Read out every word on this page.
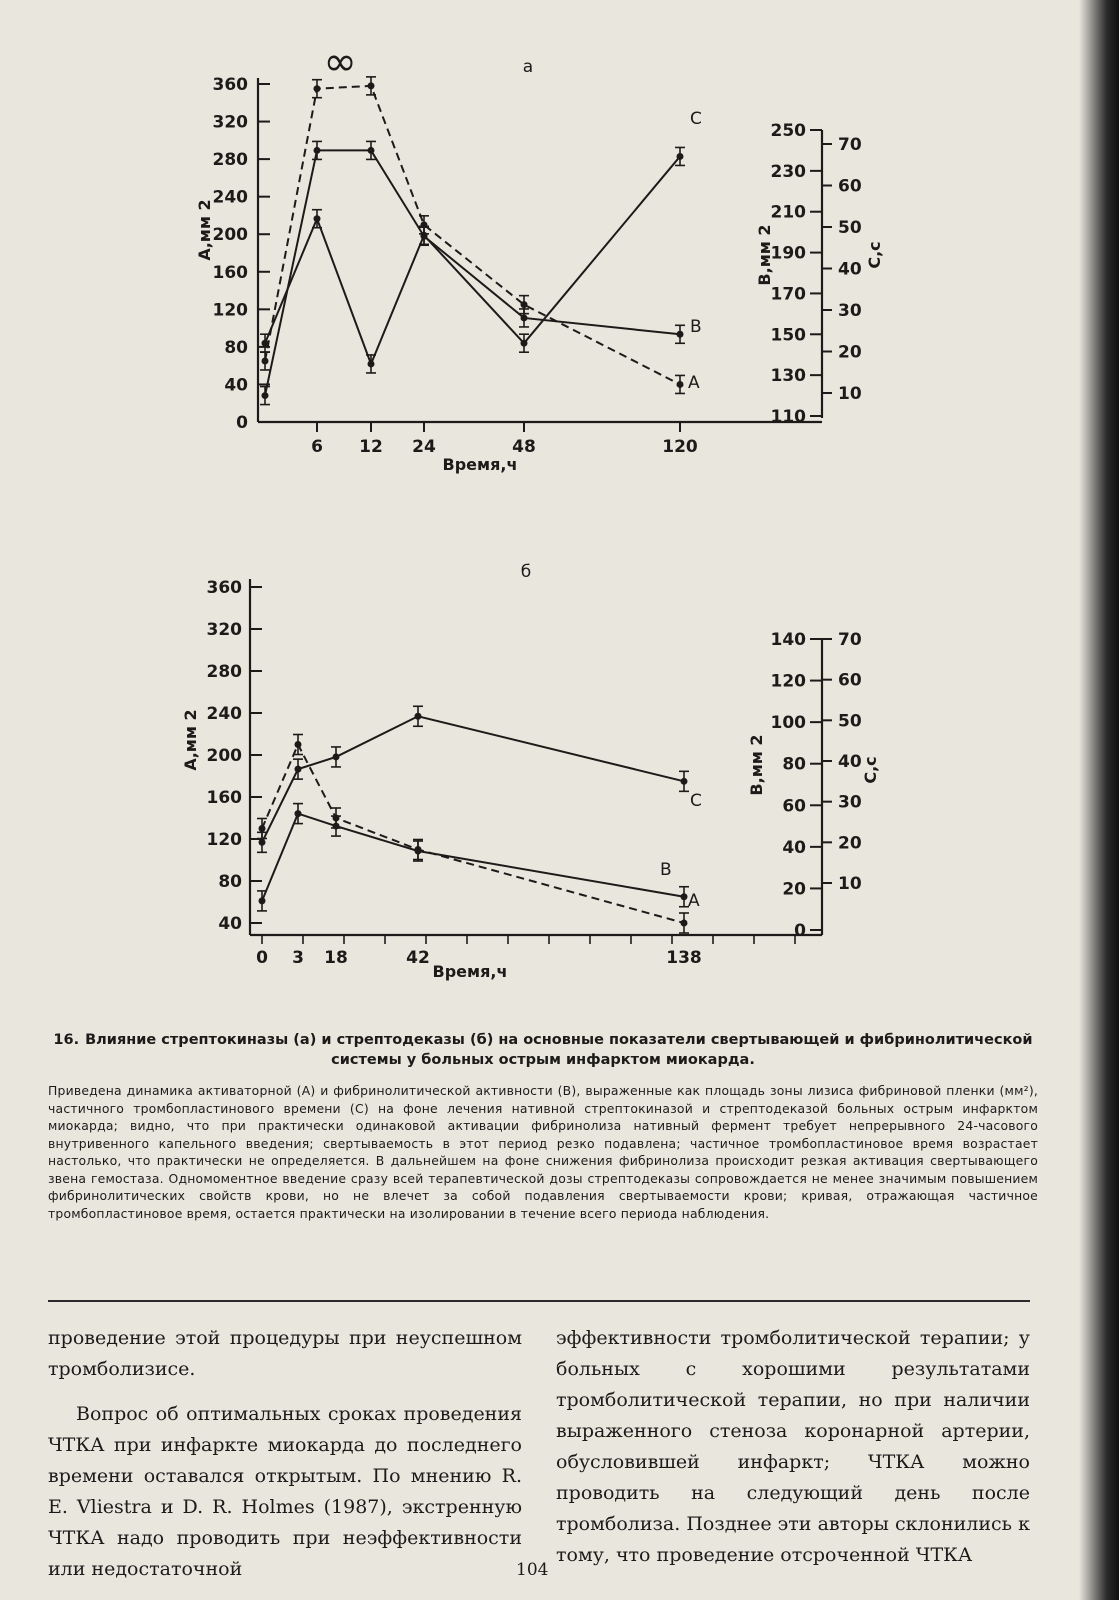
а
∞
0
40
80
120
160
200
240
280
320
360
А,мм 2
6 12 24	48	120
Время,ч
110
130
150
170
190
210
230
250
10
20
30
40
50
60
70
В,мм 2	С,с
А
В
С
б
40
80
120
160
200
240
280
320
360
А,мм 2
0 3 18	42	138
Время,ч
0
20
40
60
80
100
120
140
10
20
30
40
50
60
70
В,мм 2	С,с
А
В
С
16. Влияние стрептокиназы (а) и стрептодеказы (б) на основные показатели свертывающей и фибринолитической системы у больных острым инфарктом миокарда.
Приведена динамика активаторной (А) и фибринолитической активности (В), выраженные как площадь зоны лизиса фибриновой пленки (мм²), частичного тромбопластинового времени (С) на фоне лечения нативной стрептокиназой и стрептодеказой больных острым инфарктом миокарда; видно, что при практически одинаковой активации фибринолиза нативный фермент требует непрерывного 24-часового внутривенного капельного введения; свертываемость в этот период резко подавлена; частичное тромбопластиновое время возрастает настолько, что практически не определяется. В дальнейшем на фоне снижения фибринолиза происходит резкая активация свертывающего звена гемостаза. Одномоментное введение сразу всей терапевтической дозы стрептодеказы сопровождается не менее значимым повышением фибринолитических свойств крови, но не влечет за собой подавления свертываемости крови; кривая, отражающая частичное тромбопластиновое время, остается практически на изолировании в течение всего периода наблюдения.

проведение этой процедуры при неуспешном тромболизисе.

Вопрос об оптимальных сроках проведения ЧТКА при инфаркте миокарда до последнего времени оставался открытым. По мнению R. E. Vliestra и D. R. Holmes (1987), экстренную ЧТКА надо проводить при неэффективности или недостаточной

эффективности тромболитической терапии; у больных с хорошими результатами тромболитической терапии, но при наличии выраженного стеноза коронарной артерии, обусловившей инфаркт; ЧТКА можно проводить на следующий день после тромболиза. Позднее эти авторы склонились к тому, что проведение отсроченной ЧТКА

104
